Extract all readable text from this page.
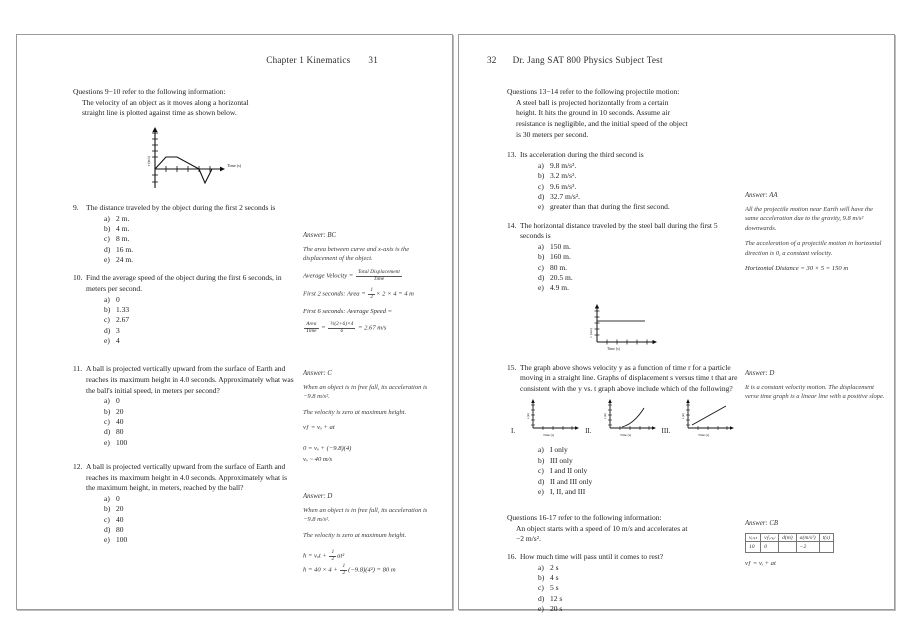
Chapter 1 Kinematics 31
Questions 9−10 refer to the following information:
The velocity of an object as it moves along a horizontal
straight line is plotted against time as shown below.
v (m/s)	Time (s)
9. The distance traveled by the object during the first 2 seconds is
a) 2 m.
b) 4 m.
c) 8 m.
d) 16 m.
e) 24 m.
10. Find the average speed of the object during the first 6 seconds, in meters per second.
a) 0
b) 1.33
c) 2.67
d) 3
e) 4
11. A ball is projected vertically upward from the surface of Earth and reaches its maximum height in 4.0 seconds. Approximately what was the ball's initial speed, in meters per second?
a) 0
b) 20
c) 40
d) 80
e) 100
12. A ball is projected vertically upward from the surface of Earth and reaches its maximum height in 4.0 seconds. Approximately what is the maximum height, in meters, reached by the ball?
a) 0
b) 20
c) 40
d) 80
e) 100
Answer: BC
The area between curve and x-axis is the displacement of the object.
Average Velocity = $\frac{\text{Total Displacement}}{\text{Time}}$
First 2 seconds: Area = $\frac{1}{2} \times 2 \times 4 = 4$ m
First 6 seconds: Average Speed =
$\frac{\text{Area}}{\text{Time}} = \frac{\text{½(2+6)×4}}{6} = 2.67$ m/s
Answer: C
When an object is in free fall, its acceleration is −9.8 m/s².
The velocity is zero at maximum height.
vƒ = vₒ + at
0 = vₒ + (−9.8)(4)
vₒ ~ 40 m/s
Answer: D
When an object is in free fall, its acceleration is −9.8 m/s².
The velocity is zero at maximum height.
$h = v_ot + \frac{1}{2} at^2$
$h = 40 \times 4 + \frac{1}{2} (-9.8)(4^2) = 80$ m
32 Dr. Jang SAT 800 Physics Subject Test
Questions 13−14 refer to the following projectile motion:
A steel ball is projected horizontally from a certain
height. It hits the ground in 10 seconds. Assume air
resistance is negligible, and the initial speed of the object
is 30 meters per second.
13. Its acceleration during the third second is
a) 9.8 m/s².
b) 3.2 m/s².
c) 9.6 m/s².
d) 32.7 m/s².
e) greater than that during the first second.
14. The horizontal distance traveled by the steel ball during the first 5 seconds is
a) 150 m.
b) 160 m.
c) 80 m.
d) 20.5 m.
e) 4.9 m.
v (m/s)
Time (s)
15. The graph above shows velocity y as a function of time r for a particle moving in a straight line. Graphs of displacement s versus time t that are consistent with the y vs. t graph above include which of the following?
I.
s (m)
Time (s)	II.
s (m)
Time (s)	III.
s (m)
Time (s)
a) I only
b) III only
c) I and II only
d) II and III only
e) I, II, and III
Questions 16-17 refer to the following information:
An object starts with a speed of 10 m/s and accelerates at
−2 m/s².
16. How much time will pass until it comes to rest?
a) 2 s
b) 4 s
c) 5 s
d) 12 s
e) 20 s
Answer: AA
All the projectile motion near Earth will have the same acceleration due to the gravity, 9.8 m/s² downwards.
The acceleration of a projectile motion in horizontal direction is 0, a constant velocity.
Horizontal Distance = 30 × 5 = 150 m
Answer: D
It is a constant velocity motion. The displacement verse time graph is a linear line with a positive slope.
Answer: CB
vᵢₙᵢₜ	vƒᵢₙₐₗ	d(m)	a(m/s²)	t(s)
10	0		−2	
vƒ = vᵢ + at
